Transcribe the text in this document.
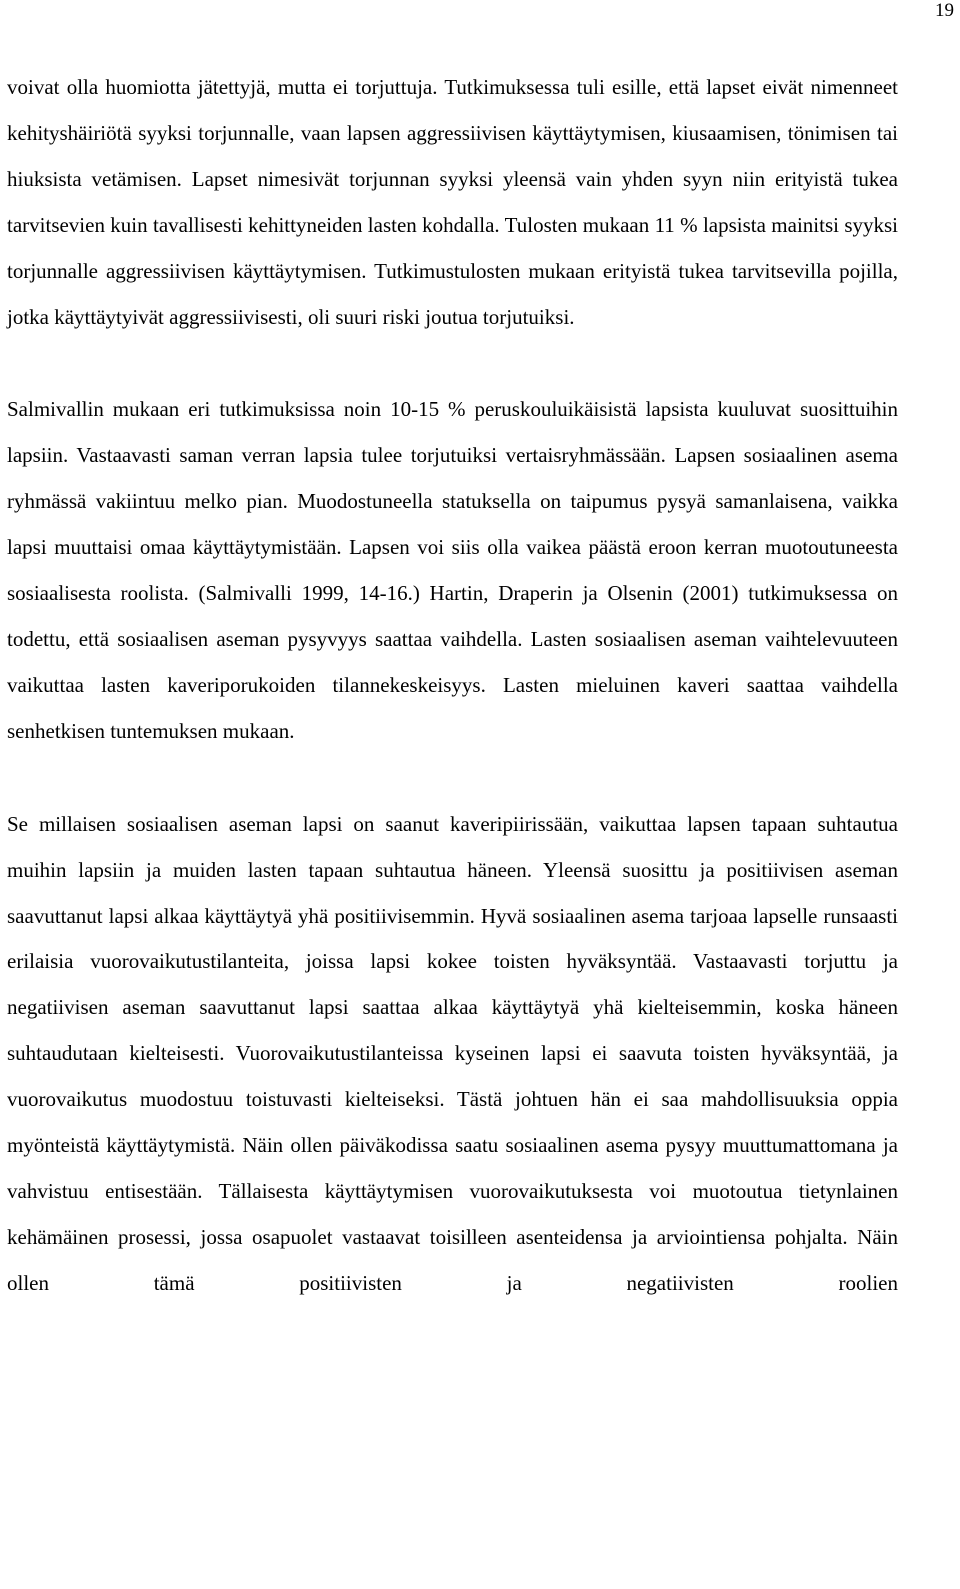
19

voivat olla huomiotta jätettyjä, mutta ei torjuttuja. Tutkimuksessa tuli esille, että lapset eivät nimenneet kehityshäiriötä syyksi torjunnalle, vaan lapsen aggressiivisen käyttäytymisen, kiusaamisen, tönimisen tai hiuksista vetämisen. Lapset nimesivät torjunnan syyksi yleensä vain yhden syyn niin erityistä tukea tarvitsevien kuin tavallisesti kehittyneiden lasten kohdalla. Tulosten mukaan 11 % lapsista mainitsi syyksi torjunnalle aggressiivisen käyttäytymisen. Tutkimustulosten mukaan erityistä tukea tarvitsevilla pojilla, jotka käyttäytyivät aggressiivisesti, oli suuri riski joutua torjutuiksi.

Salmivallin mukaan eri tutkimuksissa noin 10-15 % peruskouluikäisistä lapsista kuuluvat suosittuihin lapsiin. Vastaavasti saman verran lapsia tulee torjutuiksi vertaisryhmässään. Lapsen sosiaalinen asema ryhmässä vakiintuu melko pian. Muodostuneella statuksella on taipumus pysyä samanlaisena, vaikka lapsi muuttaisi omaa käyttäytymistään. Lapsen voi siis olla vaikea päästä eroon kerran muotoutuneesta sosiaalisesta roolista. (Salmivalli 1999, 14-16.) Hartin, Draperin ja Olsenin (2001) tutkimuksessa on todettu, että sosiaalisen aseman pysyvyys saattaa vaihdella. Lasten sosiaalisen aseman vaihtelevuuteen vaikuttaa lasten kaveriporukoiden tilannekeskeisyys. Lasten mieluinen kaveri saattaa vaihdella senhetkisen tuntemuksen mukaan.

Se millaisen sosiaalisen aseman lapsi on saanut kaveripiirissään, vaikuttaa lapsen tapaan suhtautua muihin lapsiin ja muiden lasten tapaan suhtautua häneen. Yleensä suosittu ja positiivisen aseman saavuttanut lapsi alkaa käyttäytyä yhä positiivisemmin. Hyvä sosiaalinen asema tarjoaa lapselle runsaasti erilaisia vuorovaikutustilanteita, joissa lapsi kokee toisten hyväksyntää. Vastaavasti torjuttu ja negatiivisen aseman saavuttanut lapsi saattaa alkaa käyttäytyä yhä kielteisemmin, koska häneen suhtaudutaan kielteisesti. Vuorovaikutustilanteissa kyseinen lapsi ei saavuta toisten hyväksyntää, ja vuorovaikutus muodostuu toistuvasti kielteiseksi. Tästä johtuen hän ei saa mahdollisuuksia oppia myönteistä käyttäytymistä. Näin ollen päiväkodissa saatu sosiaalinen asema pysyy muuttumattomana ja vahvistuu entisestään. Tällaisesta käyttäytymisen vuorovaikutuksesta voi muotoutua tietynlainen kehämäinen prosessi, jossa osapuolet vastaavat toisilleen asenteidensa ja arviointiensa pohjalta. Näin ollen tämä positiivisten ja negatiivisten roolien
